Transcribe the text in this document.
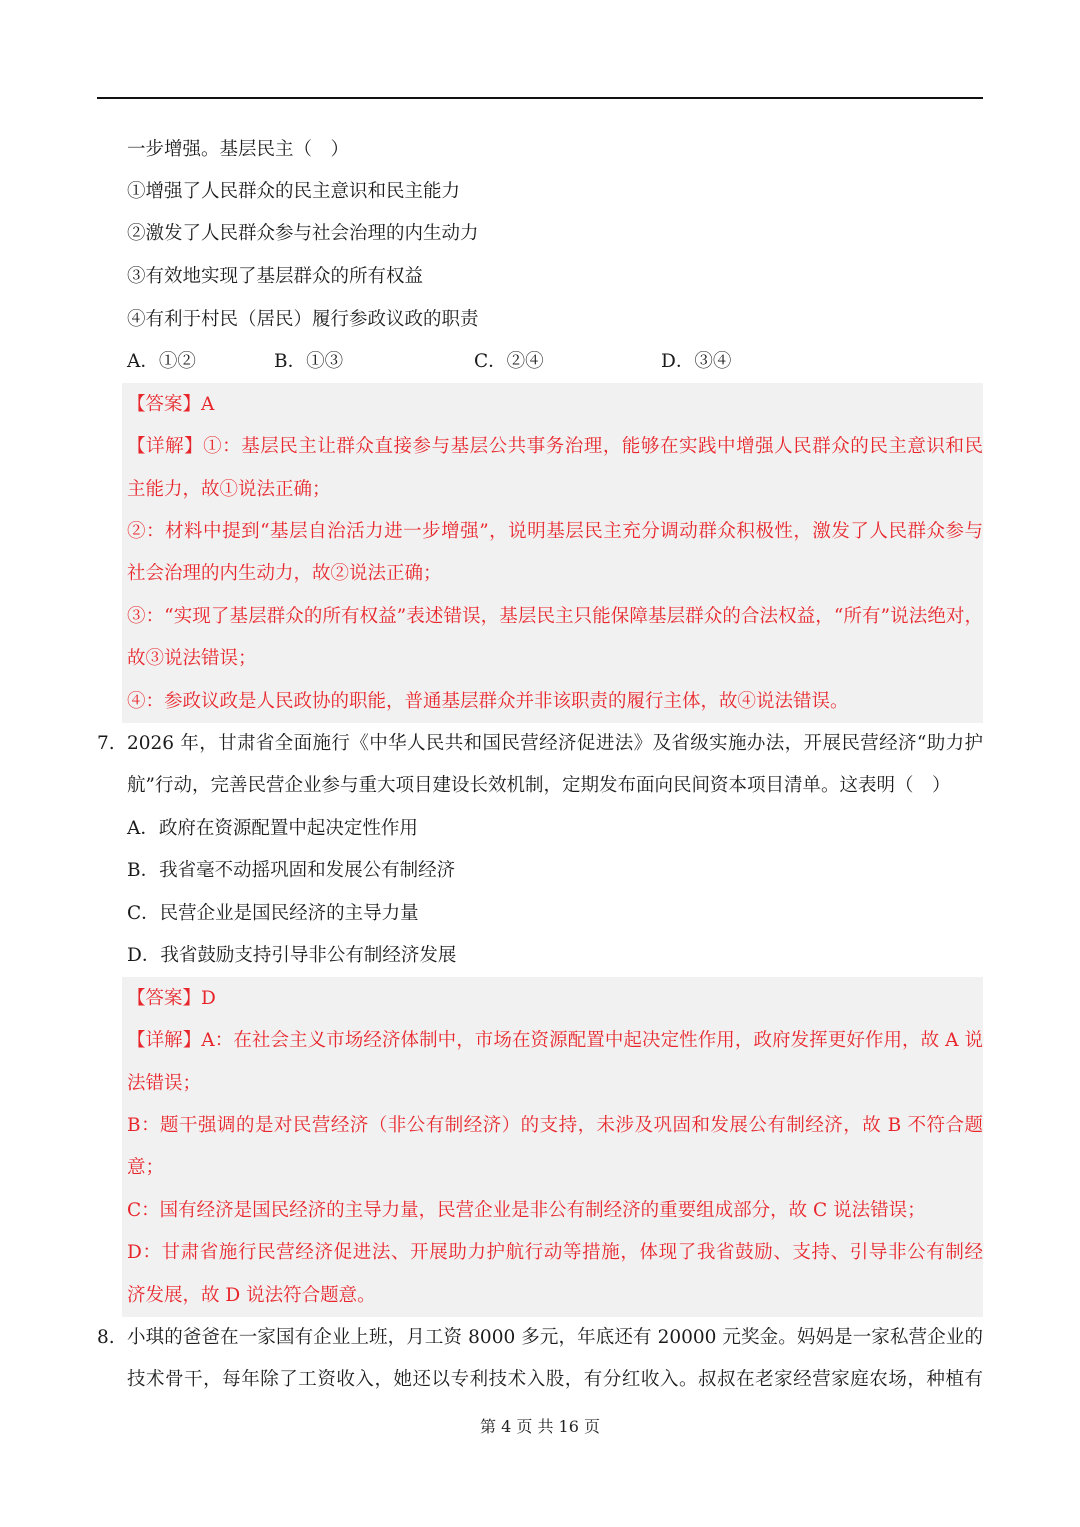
一步增强。基层民主（　）
①增强了人民群众的民主意识和民主能力
②激发了人民群众参与社会治理的内生动力
③有效地实现了基层群众的所有权益
④有利于村民（居民）履行参政议政的职责
A．①②	B．①③	C．②④	D．③④
【答案】A
【详解】①：基层民主让群众直接参与基层公共事务治理，能够在实践中增强人民群众的民主意识和民
主能力，故①说法正确；
②：材料中提到“基层自治活力进一步增强”，说明基层民主充分调动群众积极性，激发了人民群众参与
社会治理的内生动力，故②说法正确；
③：“实现了基层群众的所有权益”表述错误，基层民主只能保障基层群众的合法权益，“所有”说法绝对，
故③说法错误；
④：参政议政是人民政协的职能，普通基层群众并非该职责的履行主体，故④说法错误。
7. 2026 年，甘肃省全面施行《中华人民共和国民营经济促进法》及省级实施办法，开展民营经济“助力护
航”行动，完善民营企业参与重大项目建设长效机制，定期发布面向民间资本项目清单。这表明（　）
A．政府在资源配置中起决定性作用
B．我省毫不动摇巩固和发展公有制经济
C．民营企业是国民经济的主导力量
D．我省鼓励支持引导非公有制经济发展
【答案】D
【详解】A：在社会主义市场经济体制中，市场在资源配置中起决定性作用，政府发挥更好作用，故 A 说
法错误；
B：题干强调的是对民营经济（非公有制经济）的支持，未涉及巩固和发展公有制经济，故 B 不符合题
意；
C：国有经济是国民经济的主导力量，民营企业是非公有制经济的重要组成部分，故 C 说法错误；
D：甘肃省施行民营经济促进法、开展助力护航行动等措施，体现了我省鼓励、支持、引导非公有制经
济发展，故 D 说法符合题意。
8. 小琪的爸爸在一家国有企业上班，月工资 8000 多元，年底还有 20000 元奖金。妈妈是一家私营企业的
技术骨干，每年除了工资收入，她还以专利技术入股，有分红收入。叔叔在老家经营家庭农场，种植有
第 4 页 共 16 页
